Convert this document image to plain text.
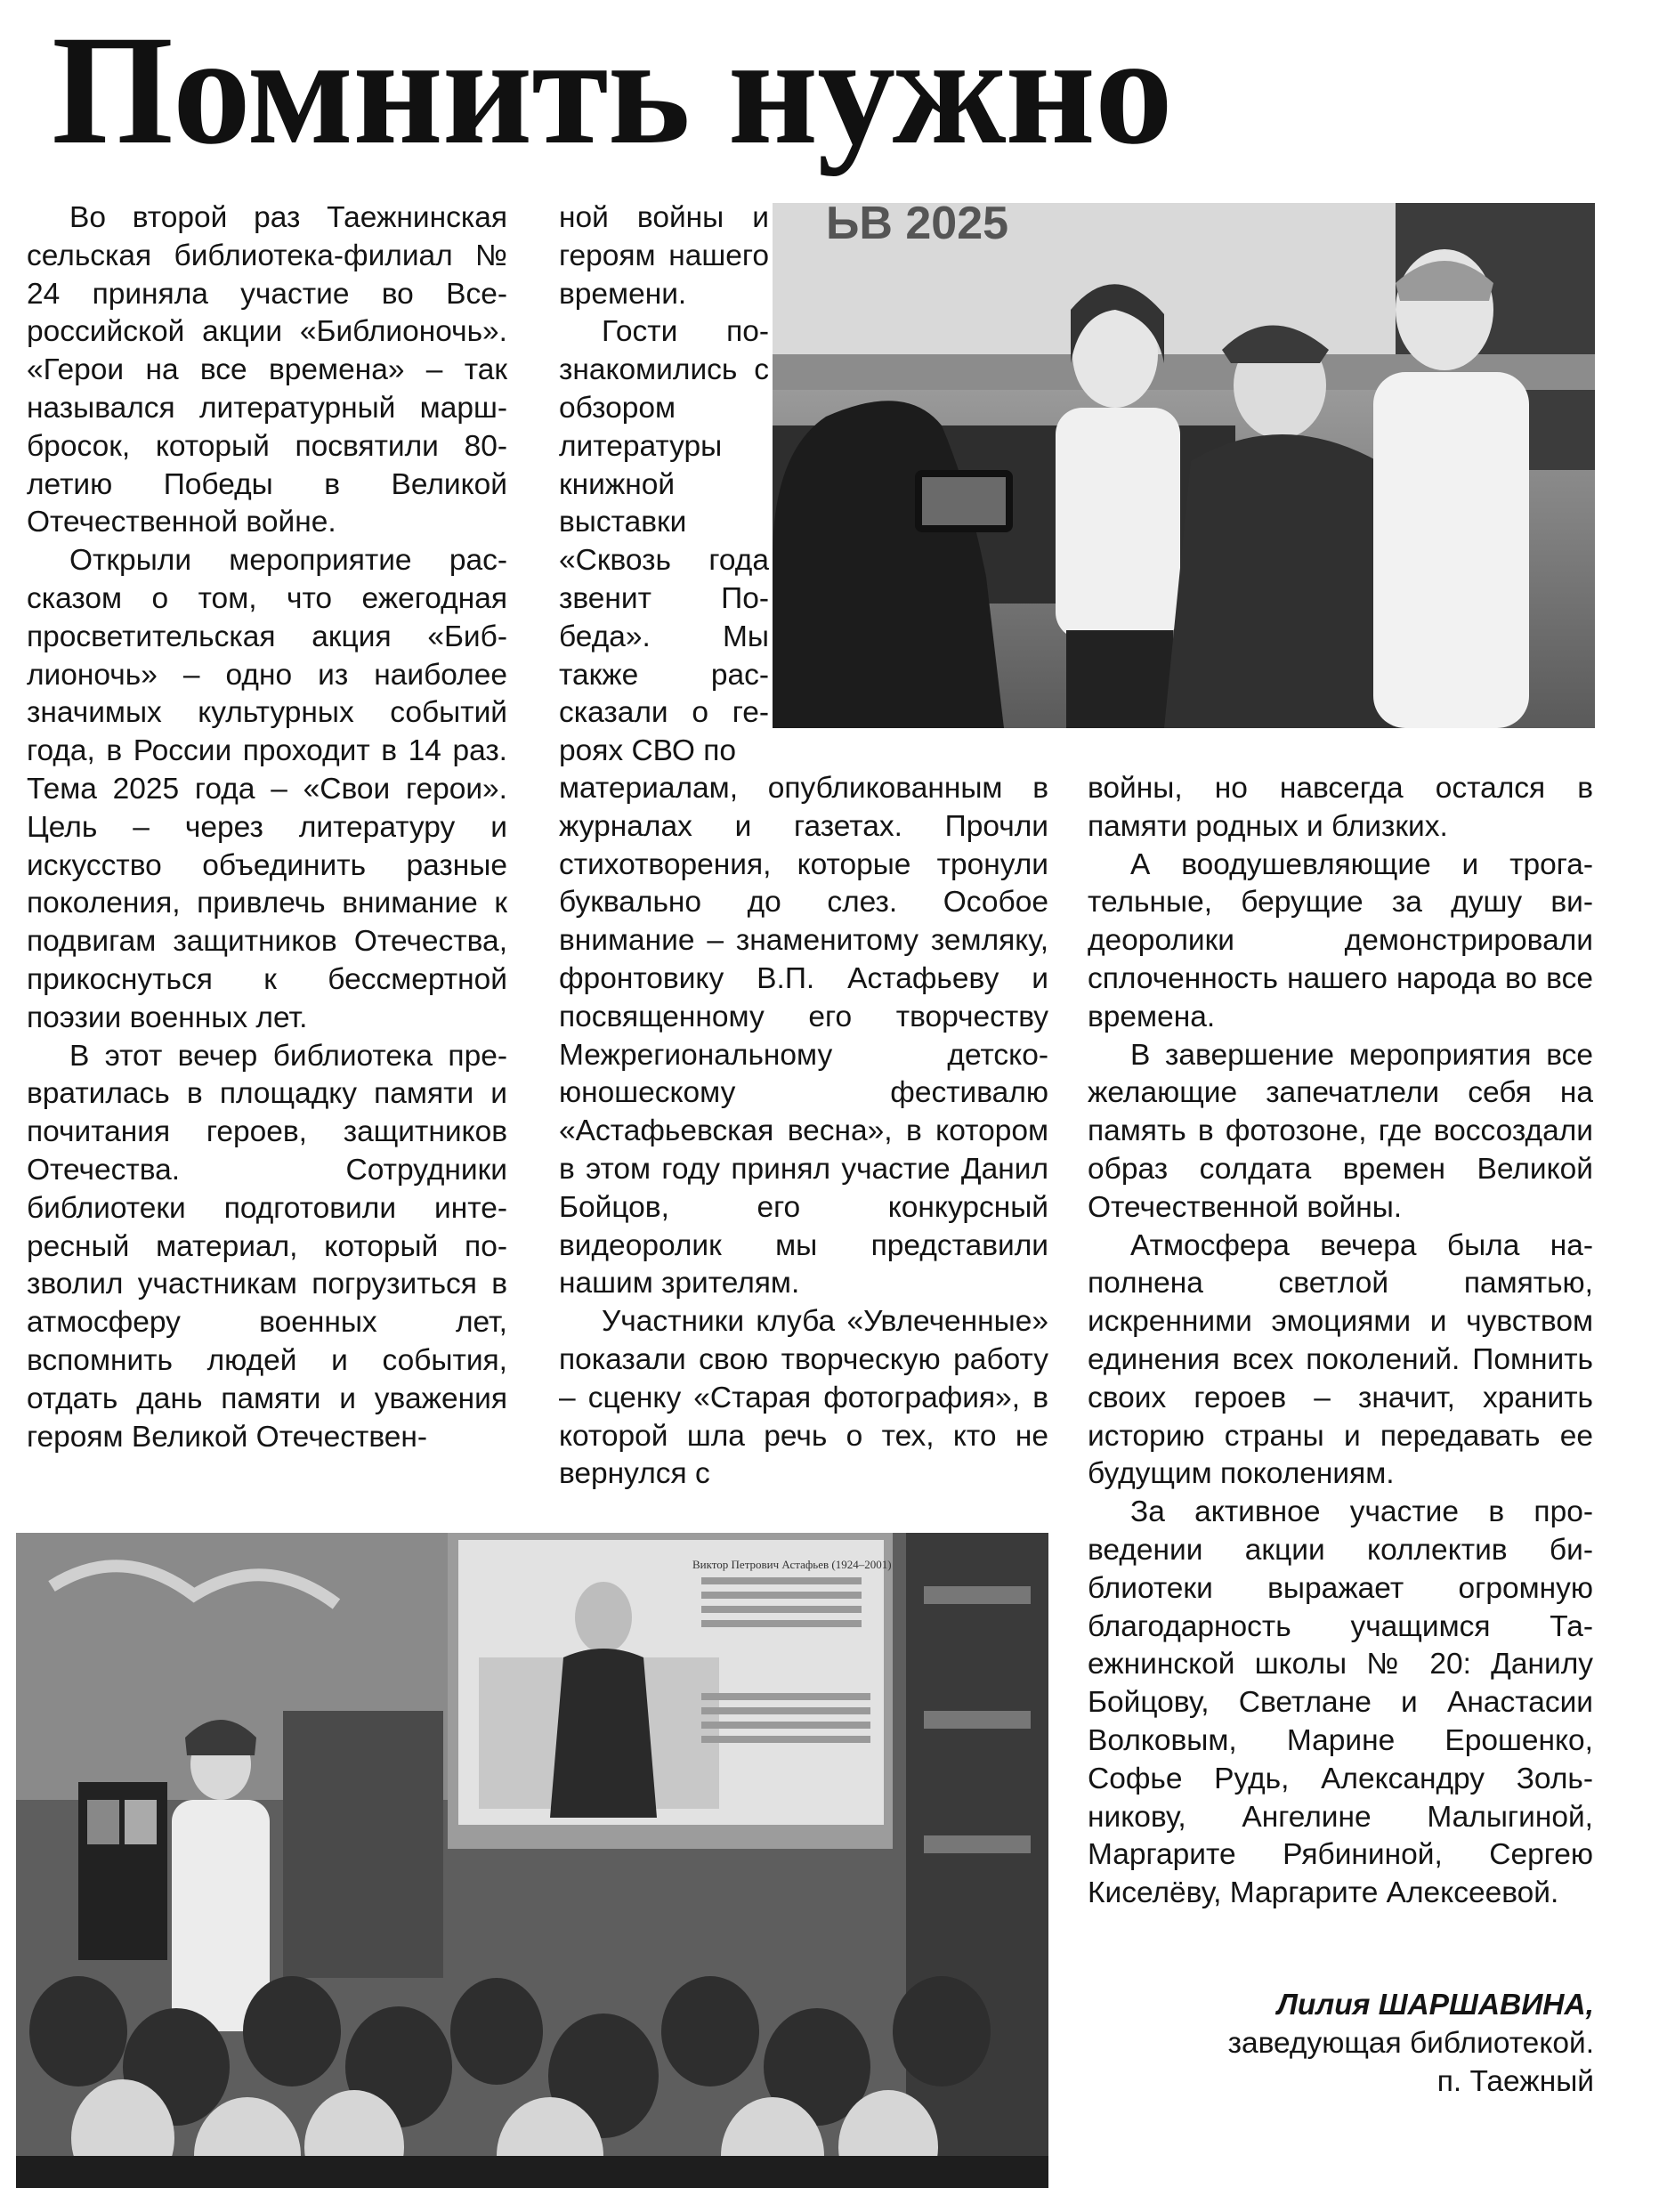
Помнить нужно

Во второй раз Таежнинская сельская библиотека-филиал № 24 приняла участие во Всероссийской акции «Библионочь». «Герои на все времена» – так назывался литературный марш-бросок, который посвятили 80-летию Победы в Великой Отечественной войне.

Открыли мероприятие рассказом о том, что ежегодная просветительская акция «Библионочь» – одно из наиболее значимых культурных событий года, в России проходит в 14 раз. Тема 2025 года – «Свои герои». Цель – через литературу и искусство объединить разные поколения, привлечь внимание к подвигам защитников Отечества, прикоснуться к бессмертной поэзии военных лет.

В этот вечер библиотека превратилась в площадку памяти и почитания героев, защитников Отечества. Сотрудники библиотеки подготовили интересный материал, который позволил участникам погрузиться в атмосферу военных лет, вспомнить людей и события, отдать дань памяти и уважения героям Великой Отечествен-

ной войны и героям нашего времени.

Гости познакомились с обзором литературы книжной выставки «Сквозь года звенит Победа». Мы также рассказали о героях СВО по

материалам, опубликованным в журналах и газетах. Прочли стихотворения, которые тронули буквально до слез. Особое внимание – знаменитому земляку, фронтовику В.П. Астафьеву и посвященному его творчеству Межрегиональному детско-юношескому фестивалю «Астафьевская весна», в котором в этом году принял участие Данил Бойцов, его конкурсный видеоролик мы представили нашим зрителям.

Участники клуба «Увлеченные» показали свою творческую работу – сценку «Старая фотография», в которой шла речь о тех, кто не вернулся с

войны, но навсегда остался в памяти родных и близких.

А воодушевляющие и трогательные, берущие за душу видеоролики демонстрировали сплоченность нашего народа во все времена.

В завершение мероприятия все желающие запечатлели себя на память в фотозоне, где воссоздали образ солдата времен Великой Отечественной войны.

Атмосфера вечера была наполнена светлой памятью, искренними эмоциями и чувством единения всех поколений. Помнить своих героев – значит, хранить историю страны и передавать ее будущим поколениям.

За активное участие в проведении акции коллектив библиотеки выражает огромную благодарность учащимся Таежнинской школы № 20: Данилу Бойцову, Светлане и Анастасии Волковым, Марине Ерошенко, Софье Рудь, Александру Зольникову, Ангелине Малыгиной, Маргарите Рябининой, Сергею Киселёву, Маргарите Алексеевой.

Лилия ШАРШАВИНА,
заведующая библиотекой.
п. Таежный
ЬВ 2025
Виктор Петрович Астафьев (1924–2001)
